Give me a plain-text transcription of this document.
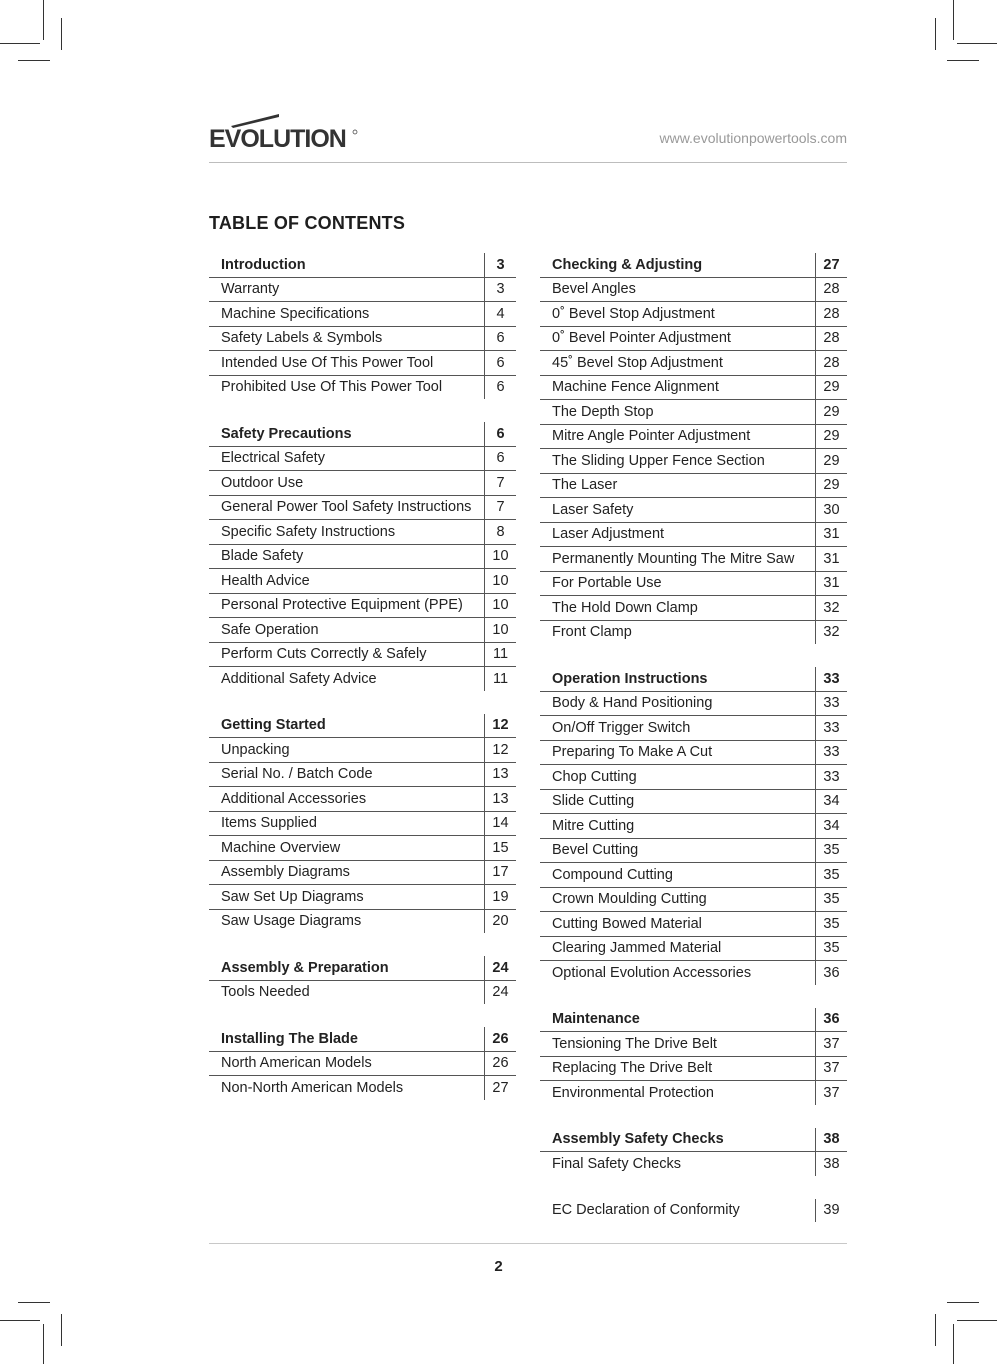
EVOLUTION	www.evolutionpowertools.com
TABLE OF CONTENTS
Introduction	3
Warranty	3
Machine Specifications	4
Safety Labels & Symbols	6
Intended Use Of This Power Tool	6
Prohibited Use Of This Power Tool	6
Safety Precautions	6
Electrical Safety	6
Outdoor Use	7
General Power Tool Safety Instructions	7
Specific Safety Instructions	8
Blade Safety	10
Health Advice	10
Personal Protective Equipment (PPE)	10
Safe Operation	10
Perform Cuts Correctly & Safely	11
Additional Safety Advice	11
Getting Started	12
Unpacking	12
Serial No. / Batch Code	13
Additional Accessories	13
Items Supplied	14
Machine Overview	15
Assembly Diagrams	17
Saw Set Up Diagrams	19
Saw Usage Diagrams	20
Assembly & Preparation	24
Tools Needed	24
Installing The Blade	26
North American Models	26
Non-North American Models	27
Checking & Adjusting	27
Bevel Angles	28
0˚ Bevel Stop Adjustment	28
0˚ Bevel Pointer Adjustment	28
45˚ Bevel Stop Adjustment	28
Machine Fence Alignment	29
The Depth Stop	29
Mitre Angle Pointer Adjustment	29
The Sliding Upper Fence Section	29
The Laser	29
Laser Safety	30
Laser Adjustment	31
Permanently Mounting The Mitre Saw	31
For Portable Use	31
The Hold Down Clamp	32
Front Clamp	32
Operation Instructions	33
Body & Hand Positioning	33
On/Off Trigger Switch	33
Preparing To Make A Cut	33
Chop Cutting	33
Slide Cutting	34
Mitre Cutting	34
Bevel Cutting	35
Compound Cutting	35
Crown Moulding Cutting	35
Cutting Bowed Material	35
Clearing Jammed Material	35
Optional Evolution Accessories	36
Maintenance	36
Tensioning The Drive Belt	37
Replacing The Drive Belt	37
Environmental Protection	37
Assembly Safety Checks	38
Final Safety Checks	38
EC Declaration of Conformity	39
2
